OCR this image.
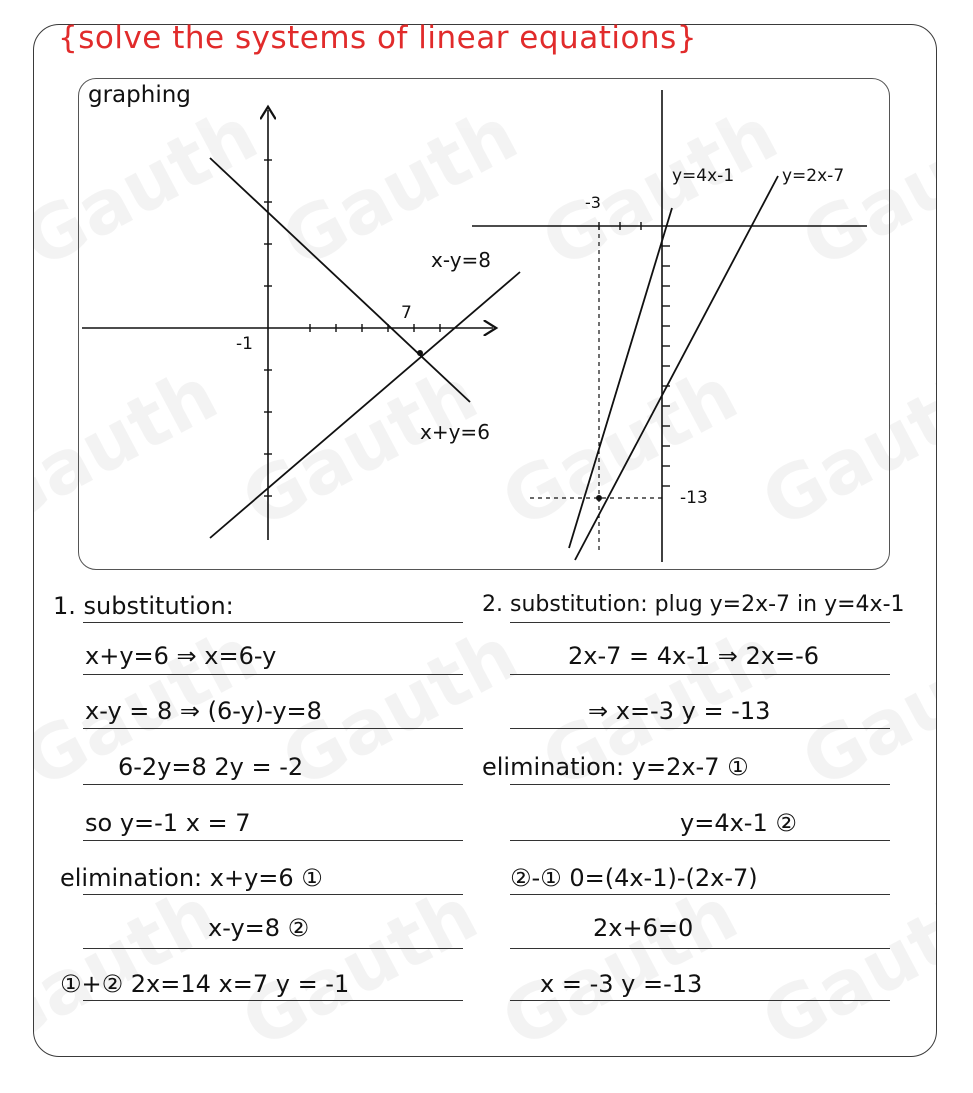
{solve the systems of linear equations}
graphing
x-y=8
x+y=6
7
-1
y=4x-1	y=2x-7
-3
-13
1. substitution:
x+y=6 ⇒ x=6-y
x-y = 8 ⇒ (6-y)-y=8
6-2y=8 2y = -2
so y=-1 x = 7
elimination: x+y=6 ①
x-y=8 ②
①+② 2x=14 x=7 y = -1
2. substitution: plug y=2x-7 in y=4x-1
2x-7 = 4x-1 ⇒ 2x=-6
⇒ x=-3 y = -13
elimination: y=2x-7 ①
y=4x-1 ②
②-① 0=(4x-1)-(2x-7)
2x+6=0
x = -3 y =-13
